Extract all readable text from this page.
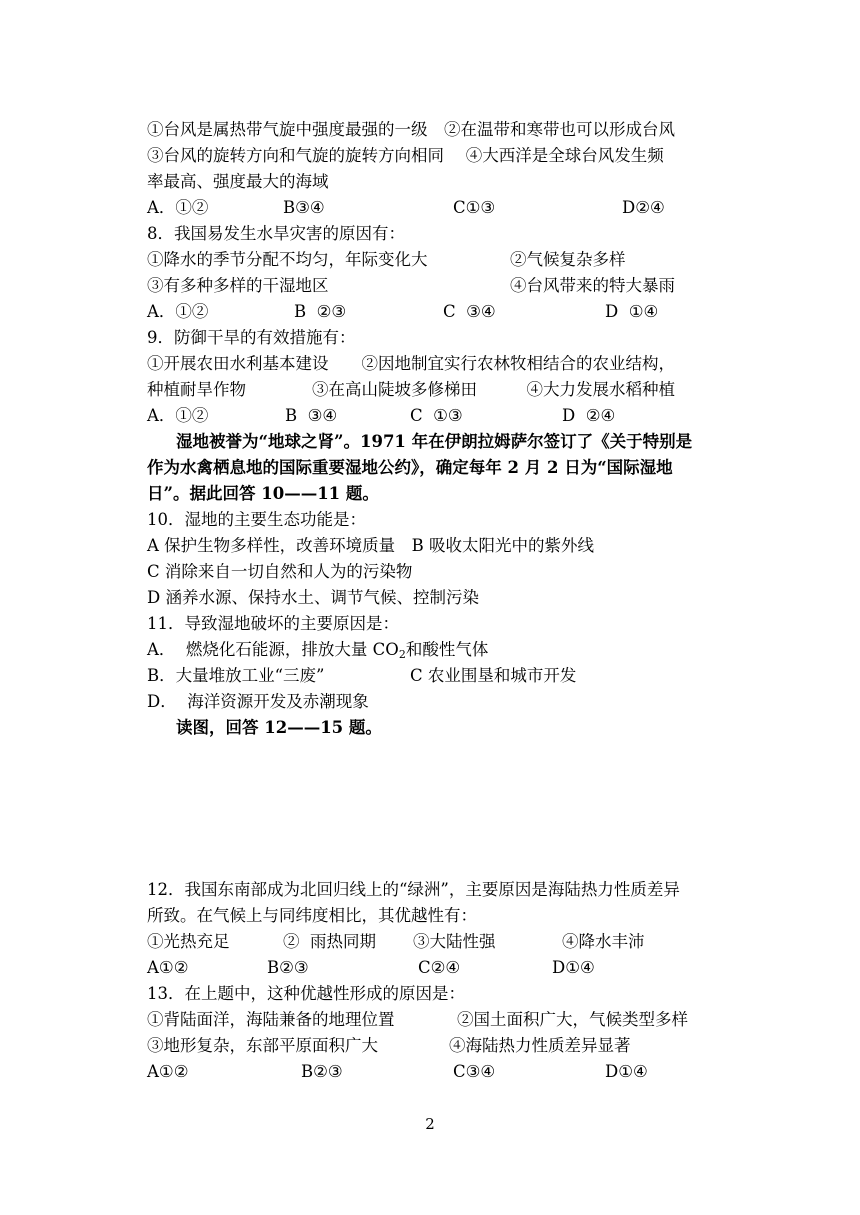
①台风是属热带气旋中强度最强的一级　②在温带和寒带也可以形成台风
③台风的旋转方向和气旋的旋转方向相同　 ④大西洋是全球台风发生频
率最高、强度最大的海域
A．①②	B③④	C①③	D②④
8．我国易发生水旱灾害的原因有：
①降水的季节分配不均匀，年际变化大	②气候复杂多样
③有多种多样的干湿地区	④台风带来的特大暴雨
A．①②	B  ②③	C  ③④	D  ①④
9．防御干旱的有效措施有：
①开展农田水利基本建设　　②因地制宜实行农林牧相结合的农业结构，
种植耐旱作物　　　　③在高山陡坡多修梯田　　　④大力发展水稻种植
A．①②	B  ③④	C  ①③	D  ②④
湿地被誉为“地球之肾”。1971 年在伊朗拉姆萨尔签订了《关于特别是
作为水禽栖息地的国际重要湿地公约》，确定每年 2 月 2 日为“国际湿地
日”。据此回答 10——11 题。
10．湿地的主要生态功能是：
A 保护生物多样性，改善环境质量　B 吸收太阳光中的紫外线
C 消除来自一切自然和人为的污染物
D 涵养水源、保持水土、调节气候、控制污染
11．导致湿地破坏的主要原因是：
A．  燃烧化石能源，排放大量 $CO_2$和酸性气体
B．大量堆放工业“三废”	C 农业围垦和城市开发
D．  海洋资源开发及赤潮现象
读图，回答 12——15 题。
12．我国东南部成为北回归线上的“绿洲”，主要原因是海陆热力性质差异
所致。在气候上与同纬度相比，其优越性有：
①光热充足	②  雨热同期 ③大陆性强	④降水丰沛
A①②	B②③	C②④	D①④
13．在上题中，这种优越性形成的原因是：
①背陆面洋，海陆兼备的地理位置	②国土面积广大，气候类型多样
③地形复杂，东部平原面积广大	④海陆热力性质差异显著
A①②	B②③	C③④	D①④
2
